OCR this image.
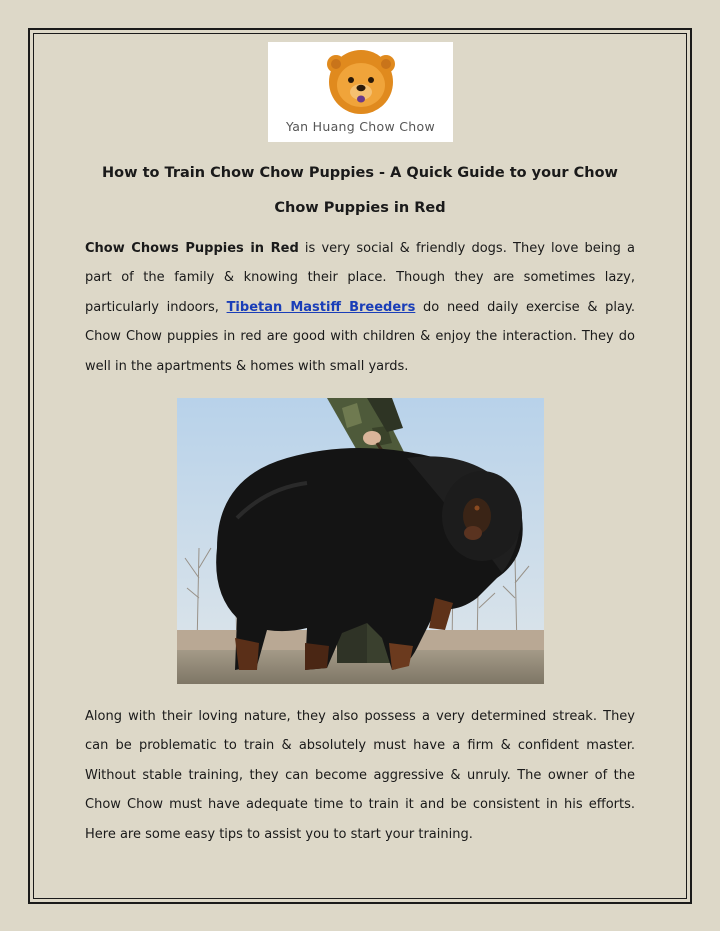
Yan Huang Chow Chow
How to Train Chow Chow Puppies - A Quick Guide to your Chow
Chow Puppies in Red
Chow Chows Puppies in Red is very social & friendly dogs. They love being a part of the family & knowing their place. Though they are sometimes lazy, particularly indoors, Tibetan Mastiff Breeders do need daily exercise & play. Chow Chow puppies in red are good with children & enjoy the interaction. They do well in the apartments & homes with small yards.
Along with their loving nature, they also possess a very determined streak. They can be problematic to train & absolutely must have a firm & confident master. Without stable training, they can become aggressive & unruly. The owner of the Chow Chow must have adequate time to train it and be consistent in his efforts. Here are some easy tips to assist you to start your training.
